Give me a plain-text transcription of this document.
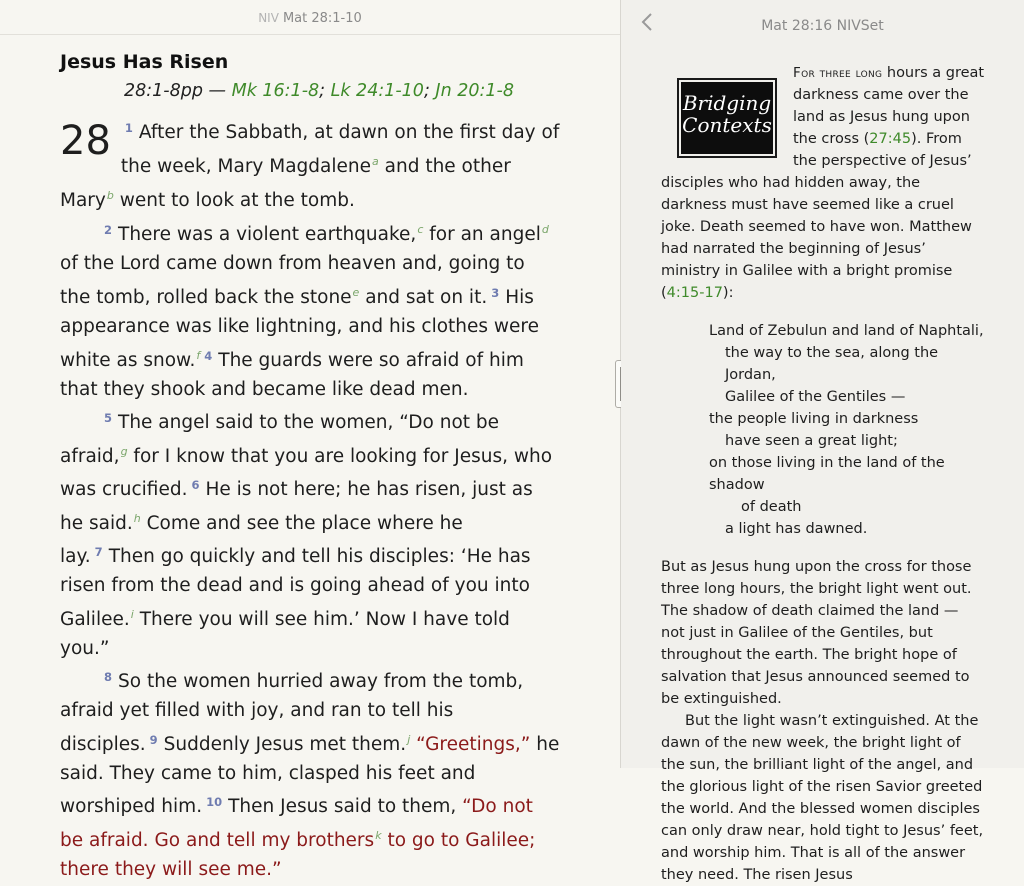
NIV Mat 28:1-10
Jesus Has Risen
28:1-8pp — Mk 16:1-8; Lk 24:1-10; Jn 20:1-8

28 $^1$ After the Sabbath, at dawn on the first day of the week, Mary Magdalene$^a$ and the other Mary$^b$ went to look at the tomb.

$^2$ There was a violent earthquake,$^c$ for an angel$^d$ of the Lord came down from heaven and, going to the tomb, rolled back the stone$^e$ and sat on it. $^3$ His appearance was like lightning, and his clothes were white as snow.$^f$ $^4$ The guards were so afraid of him that they shook and became like dead men.

$^5$ The angel said to the women, “Do not be afraid,$^g$ for I know that you are looking for Jesus, who was crucified. $^6$ He is not here; he has risen, just as he said.$^h$ Come and see the place where he lay. $^7$ Then go quickly and tell his disciples: ‘He has risen from the dead and is going ahead of you into Galilee.$^i$ There you will see him.’ Now I have told you.”

$^8$ So the women hurried away from the tomb, afraid yet filled with joy, and ran to tell his disciples. $^9$ Suddenly Jesus met them.$^j$ “Greetings,” he said. They came to him, clasped his feet and worshiped him. $^{10}$ Then Jesus said to them, “Do not be afraid. Go and tell my brothers$^k$ to go to Galilee; there they will see me.”

Mat 28:16 NIVSet
Bridging
Contexts

For three long hours a great darkness came over the land as Jesus hung upon the cross (27:45). From the perspective of Jesus’ disciples who had hidden away, the darkness must have seemed like a cruel joke. Death seemed to have won. Matthew had narrated the beginning of Jesus’ ministry in Galilee with a bright promise (4:15-17):

Land of Zebulun and land of Naphtali,
the way to the sea, along the Jordan,
Galilee of the Gentiles —
the people living in darkness
have seen a great light;
on those living in the land of the shadow
of death
a light has dawned.

But as Jesus hung upon the cross for those three long hours, the bright light went out. The shadow of death claimed the land — not just in Galilee of the Gentiles, but throughout the earth. The bright hope of salvation that Jesus announced seemed to be extinguished.

But the light wasn’t extinguished. At the dawn of the new week, the bright light of the sun, the brilliant light of the angel, and the glorious light of the risen Savior greeted the world. And the blessed women disciples can only draw near, hold tight to Jesus’ feet, and worship him. That is all of the answer they need. The risen Jesus
